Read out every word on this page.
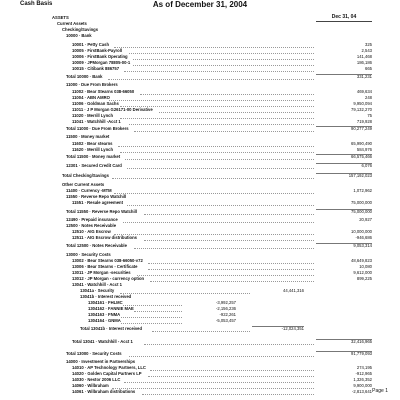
Cash Basis	As of December 31, 2004
Dec 31, 04
ASSETS
Current Assets
Checking/Savings
10000 · Bank
10001 · Petty Cash	325
10005 · FirstBank-Payroll	2,543
10006 · FirstBank Operating	141,468
10009 · JPMorgan 78805-00-1	186,186
10015 · Citibank 886757	665
Total 10000 · Bank	331,231
11000 · Due From Brokers
11002 · Bear Stearns 038-66050	469,634
11004 · ABN AMRO	248
11006 · Goldman Sachs	9,950,094
11011 · J P Morgan G26171-00 Derivative	79,132,270
11020 · Merrill Lynch	75
11041 · Watchhill -Acct 1	719,928
Total 11000 · Due From Brokers	90,277,249
11500 · Money market
11602 · Bear stearns	65,990,490
11620 · Merrill Lynch	584,976
Total 11500 · Money market	66,575,466
12301 · Secured Credit Card	6,076
Total Checking/Savings	157,192,023
Other Current Assets
11400 · Currency -MTM	1,072,962
11550 · Reverse Repo Watchill
11551 · Resale agreement	75,000,000
Total 11550 · Reverse Repo Watchill	75,000,000
12490 · Prepaid insurance	20,927
12500 · Notes Receivable
12510 · AIG Escrow	10,000,000
12511 · AIG Escrow distributions	-946,686
Total 12500 · Notes Receivable	9,053,314
13000 · Security Costs
13002 · Bear Stearns 038-66050-v72	48,649,823
13006 · Bear Stearns - Certificate	10,080
13011 · JP Morgan -securities	9,612,000
13012 · JP Morgan - currency option	899,225
13041 · Watchhill - Acct 1
13041a · Security	44,441,316
13041b · Interest received
1304161 · FHLMC	-3,992,257
1304162 · FANNIE MAE	-2,156,236
1304163 · FNMA	-922,261
1304164 · GNMA	-5,053,457
Total 13041b · Interest received	-12,024,351
Total 13041 · Watchhill - Acct 1	32,416,965
Total 13000 · Security Costs	91,779,093
14000 · Investment in Partnerships
14010 · AP Technology Partners, LLC	274,195
14020 · Golden Capital Partners LP	-912,965
14030 · Nestor 2006 LLC	1,326,352
14060 · Wilbraham	9,900,000
14061 · Wilbraham distributions	-2,813,641 Page 1
